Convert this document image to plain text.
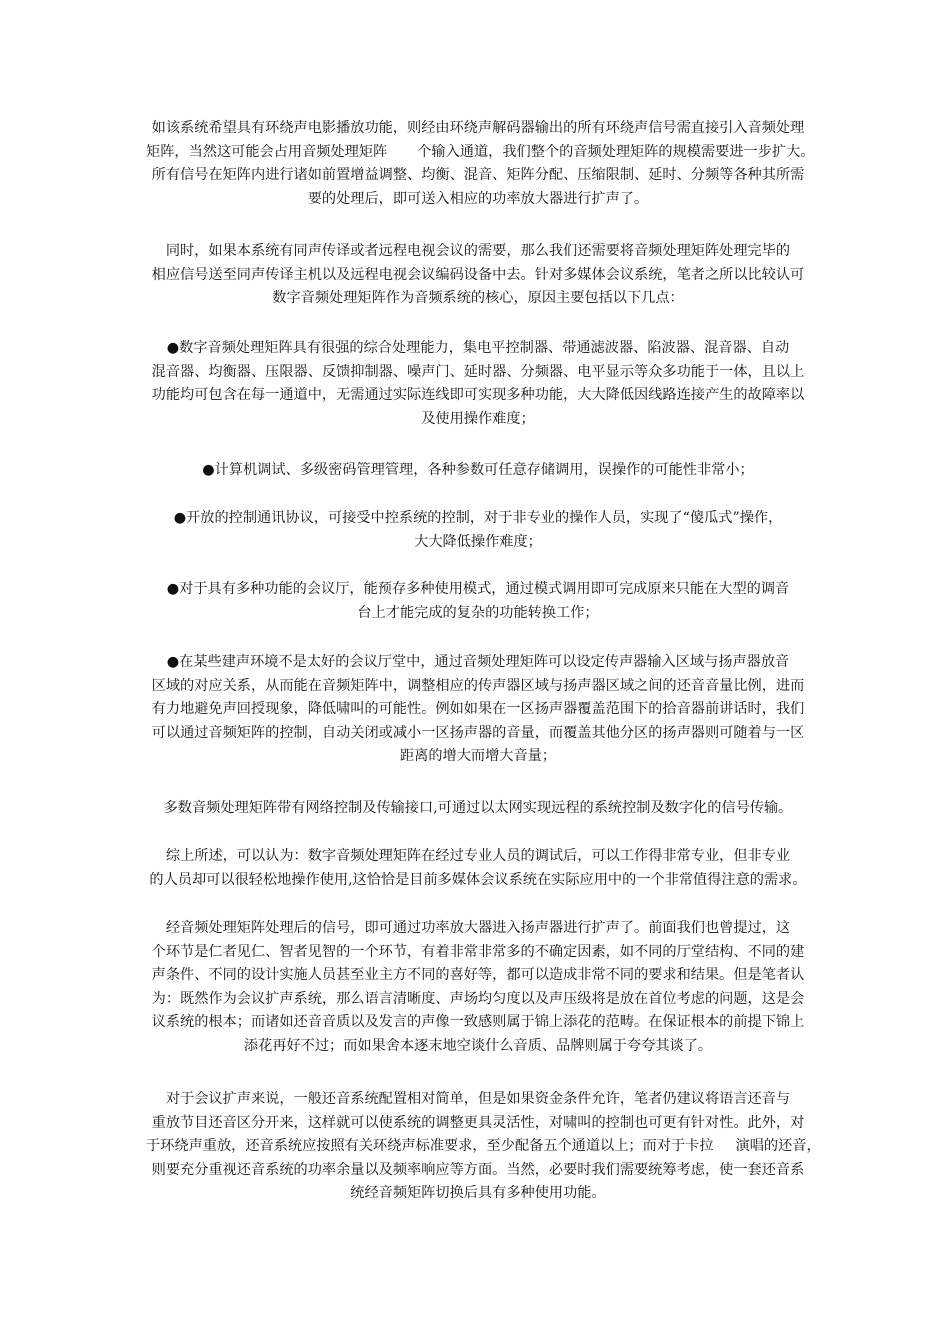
如该系统希望具有环绕声电影播放功能，则经由环绕声解码器输出的所有环绕声信号需直接引入音频处理
矩阵，当然这可能会占用音频处理矩阵 个输入通道，我们整个的音频处理矩阵的规模需要进一步扩大。
所有信号在矩阵内进行诸如前置增益调整、均衡、混音、矩阵分配、压缩限制、延时、分频等各种其所需
要的处理后，即可送入相应的功率放大器进行扩声了。
同时，如果本系统有同声传译或者远程电视会议的需要，那么我们还需要将音频处理矩阵处理完毕的
相应信号送至同声传译主机以及远程电视会议编码设备中去。针对多媒体会议系统，笔者之所以比较认可
数字音频处理矩阵作为音频系统的核心，原因主要包括以下几点：
●数字音频处理矩阵具有很强的综合处理能力，集电平控制器、带通滤波器、陷波器、混音器、自动
混音器、均衡器、压限器、反馈抑制器、噪声门、延时器、分频器、电平显示等众多功能于一体，且以上
功能均可包含在每一通道中，无需通过实际连线即可实现多种功能，大大降低因线路连接产生的故障率以
及使用操作难度；
●计算机调试、多级密码管理管理，各种参数可任意存储调用，误操作的可能性非常小；
●开放的控制通讯协议，可接受中控系统的控制，对于非专业的操作人员，实现了“傻瓜式”操作，
大大降低操作难度；
●对于具有多种功能的会议厅，能预存多种使用模式，通过模式调用即可完成原来只能在大型的调音
台上才能完成的复杂的功能转换工作；
●在某些建声环境不是太好的会议厅堂中，通过音频处理矩阵可以设定传声器输入区域与扬声器放音
区域的对应关系，从而能在音频矩阵中，调整相应的传声器区域与扬声器区域之间的还音音量比例，进而
有力地避免声回授现象，降低啸叫的可能性。例如如果在一区扬声器覆盖范围下的拾音器前讲话时，我们
可以通过音频矩阵的控制，自动关闭或减小一区扬声器的音量，而覆盖其他分区的扬声器则可随着与一区
距离的增大而增大音量；
多数音频处理矩阵带有网络控制及传输接口,可通过以太网实现远程的系统控制及数字化的信号传输。
综上所述，可以认为：数字音频处理矩阵在经过专业人员的调试后，可以工作得非常专业，但非专业
的人员却可以很轻松地操作使用,这恰恰是目前多媒体会议系统在实际应用中的一个非常值得注意的需求。
经音频处理矩阵处理后的信号，即可通过功率放大器进入扬声器进行扩声了。前面我们也曾提过，这
个环节是仁者见仁、智者见智的一个环节，有着非常非常多的不确定因素，如不同的厅堂结构、不同的建
声条件、不同的设计实施人员甚至业主方不同的喜好等，都可以造成非常不同的要求和结果。但是笔者认
为：既然作为会议扩声系统，那么语言清晰度、声场均匀度以及声压级将是放在首位考虑的问题，这是会
议系统的根本；而诸如还音音质以及发言的声像一致感则属于锦上添花的范畴。在保证根本的前提下锦上
添花再好不过；而如果舍本逐末地空谈什么音质、品牌则属于夸夸其谈了。
对于会议扩声来说，一般还音系统配置相对简单，但是如果资金条件允许，笔者仍建议将语言还音与
重放节目还音区分开来，这样就可以使系统的调整更具灵活性，对啸叫的控制也可更有针对性。此外，对
于环绕声重放，还音系统应按照有关环绕声标准要求，至少配备五个通道以上；而对于卡拉 演唱的还音，
则要充分重视还音系统的功率余量以及频率响应等方面。当然，必要时我们需要统筹考虑，使一套还音系
统经音频矩阵切换后具有多种使用功能。
